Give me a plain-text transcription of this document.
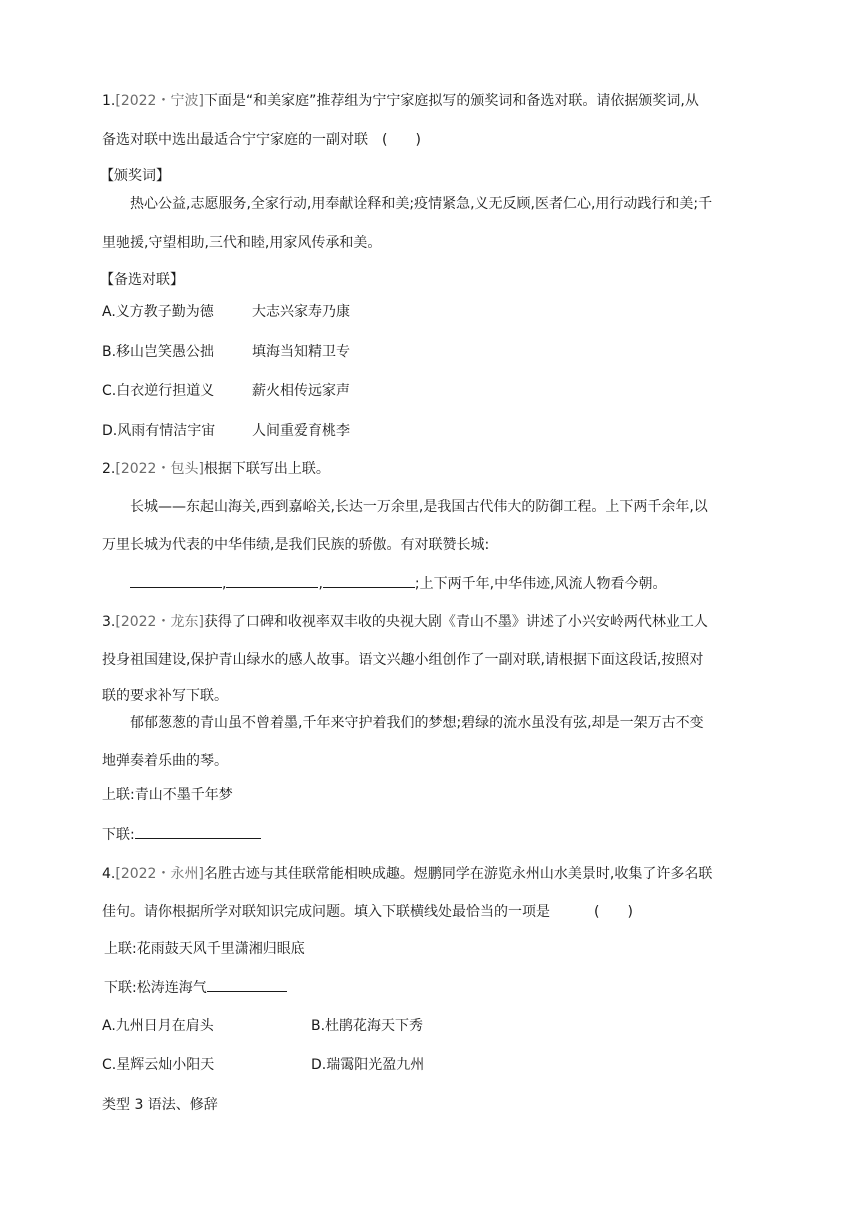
1.[2022・宁波]下面是“和美家庭”推荐组为宁宁家庭拟写的颁奖词和备选对联。请依据颁奖词,从
备选对联中选出最适合宁宁家庭的一副对联 (　　)
【颁奖词】
热心公益,志愿服务,全家行动,用奉献诠释和美;疫情紧急,义无反顾,医者仁心,用行动践行和美;千
里驰援,守望相助,三代和睦,用家风传承和美。
【备选对联】
A.义方教子勤为德	大志兴家寿乃康
B.移山岂笑愚公拙	填海当知精卫专
C.白衣逆行担道义	薪火相传远家声
D.风雨有情洁宇宙	人间重爱育桃李
2.[2022・包头]根据下联写出上联。
长城——东起山海关,西到嘉峪关,长达一万余里,是我国古代伟大的防御工程。上下两千余年,以
万里长城为代表的中华伟绩,是我们民族的骄傲。有对联赞长城:
,	,	;上下两千年,中华伟迹,风流人物看今朝。
3.[2022・龙东]获得了口碑和收视率双丰收的央视大剧《青山不墨》讲述了小兴安岭两代林业工人
投身祖国建设,保护青山绿水的感人故事。语文兴趣小组创作了一副对联,请根据下面这段话,按照对
联的要求补写下联。
郁郁葱葱的青山虽不曾着墨,千年来守护着我们的梦想;碧绿的流水虽没有弦,却是一架万古不变
地弹奏着乐曲的琴。
上联:青山不墨千年梦
下联:
4.[2022・永州]名胜古迹与其佳联常能相映成趣。煜鹏同学在游览永州山水美景时,收集了许多名联
佳句。请你根据所学对联知识完成问题。填入下联横线处最恰当的一项是	(　　)
上联:花雨鼓天风千里潇湘归眼底
下联:松涛连海气
A.九州日月在肩头	B.杜鹃花海天下秀
C.星辉云灿小阳天	D.瑞霭阳光盈九州
类型 3 语法、修辞
